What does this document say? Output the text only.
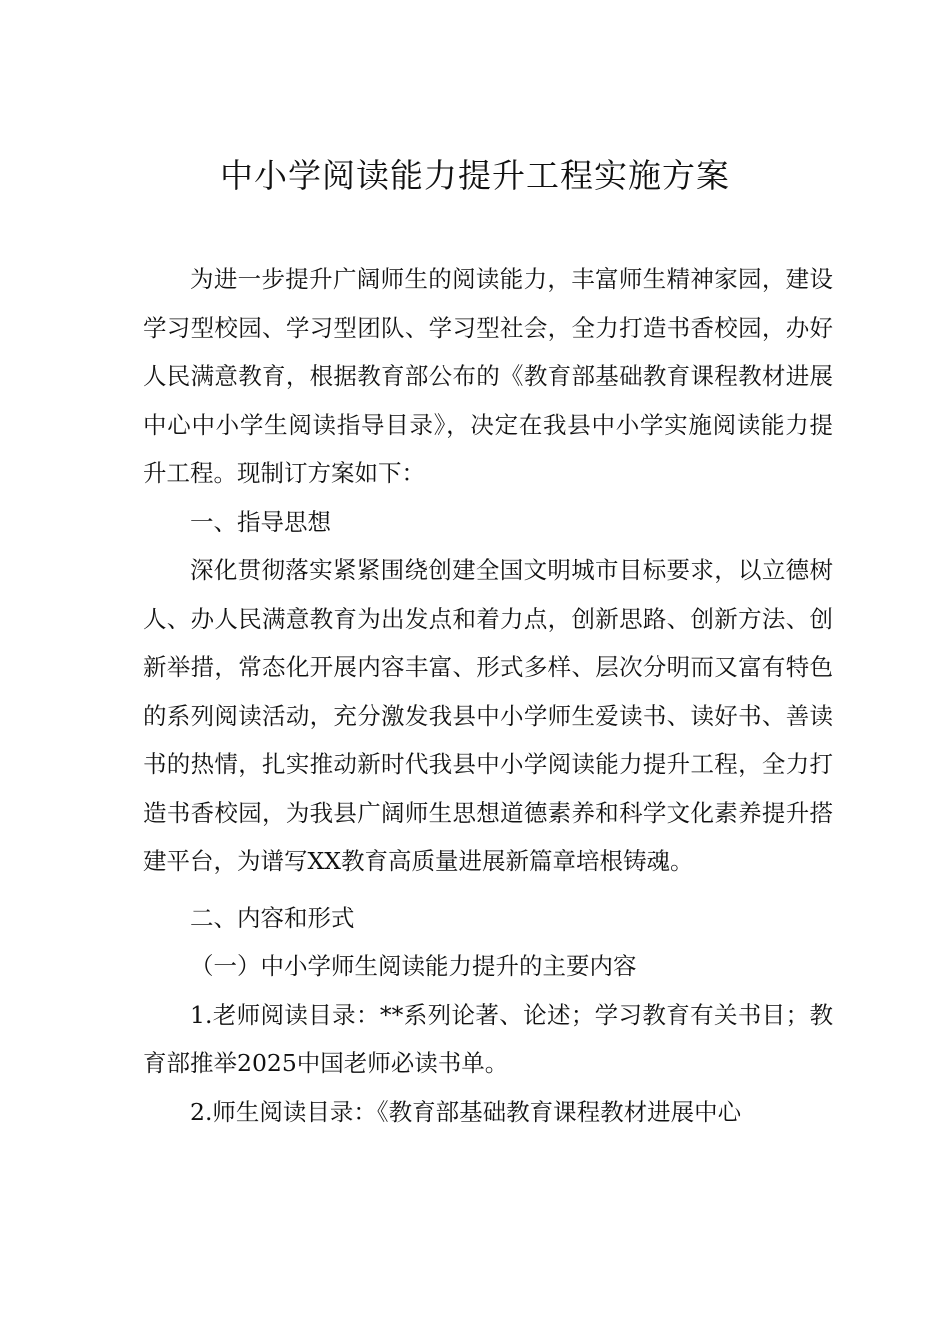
中小学阅读能力提升工程实施方案

为进一步提升广阔师生的阅读能力，丰富师生精神家园，建设学习型校园、学习型团队、学习型社会，全力打造书香校园，办好人民满意教育，根据教育部公布的《教育部基础教育课程教材进展中心中小学生阅读指导目录》，决定在我县中小学实施阅读能力提升工程。现制订方案如下：

一、指导思想

深化贯彻落实紧紧围绕创建全国文明城市目标要求，以立德树人、办人民满意教育为出发点和着力点，创新思路、创新方法、创新举措，常态化开展内容丰富、形式多样、层次分明而又富有特色的系列阅读活动，充分激发我县中小学师生爱读书、读好书、善读书的热情，扎实推动新时代我县中小学阅读能力提升工程，全力打造书香校园，为我县广阔师生思想道德素养和科学文化素养提升搭建平台，为谱写XX教育高质量进展新篇章培根铸魂。

二、内容和形式

（一）中小学师生阅读能力提升的主要内容

1.老师阅读目录：**系列论著、论述；学习教育有关书目；教育部推举2025中国老师必读书单。

2.师生阅读目录：《教育部基础教育课程教材进展中心
